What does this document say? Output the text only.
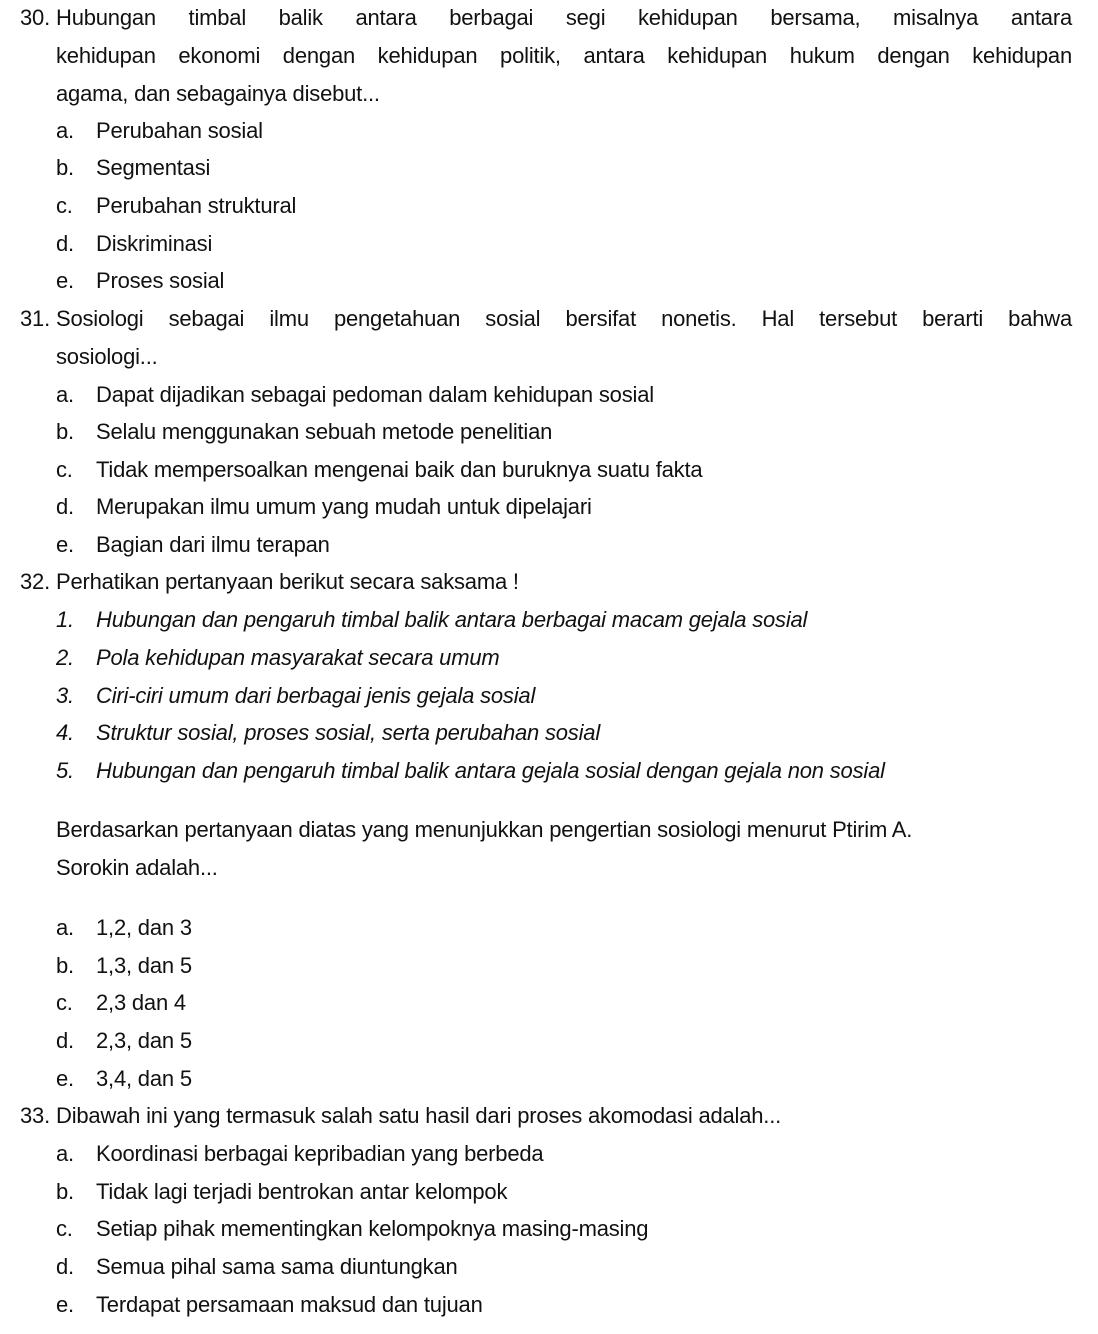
30. Hubungan timbal balik antara berbagai segi kehidupan bersama, misalnya antara
kehidupan ekonomi dengan kehidupan politik, antara kehidupan hukum dengan kehidupan
agama, dan sebagainya disebut...
a. Perubahan sosial
b. Segmentasi
c. Perubahan struktural
d. Diskriminasi
e. Proses sosial
31. Sosiologi sebagai ilmu pengetahuan sosial bersifat nonetis. Hal tersebut berarti bahwa
sosiologi...
a. Dapat dijadikan sebagai pedoman dalam kehidupan sosial
b. Selalu menggunakan sebuah metode penelitian
c. Tidak mempersoalkan mengenai baik dan buruknya suatu fakta
d. Merupakan ilmu umum yang mudah untuk dipelajari
e. Bagian dari ilmu terapan
32. Perhatikan pertanyaan berikut secara saksama !
1. Hubungan dan pengaruh timbal balik antara berbagai macam gejala sosial
2. Pola kehidupan masyarakat secara umum
3. Ciri-ciri umum dari berbagai jenis gejala sosial
4. Struktur sosial, proses sosial, serta perubahan sosial
5. Hubungan dan pengaruh timbal balik antara gejala sosial dengan gejala non sosial
Berdasarkan pertanyaan diatas yang menunjukkan pengertian sosiologi menurut Ptirim A.
Sorokin adalah...
a. 1,2, dan 3
b. 1,3, dan 5
c. 2,3 dan 4
d. 2,3, dan 5
e. 3,4, dan 5
33. Dibawah ini yang termasuk salah satu hasil dari proses akomodasi adalah...
a. Koordinasi berbagai kepribadian yang berbeda
b. Tidak lagi terjadi bentrokan antar kelompok
c. Setiap pihak mementingkan kelompoknya masing-masing
d. Semua pihal sama sama diuntungkan
e. Terdapat persamaan maksud dan tujuan
